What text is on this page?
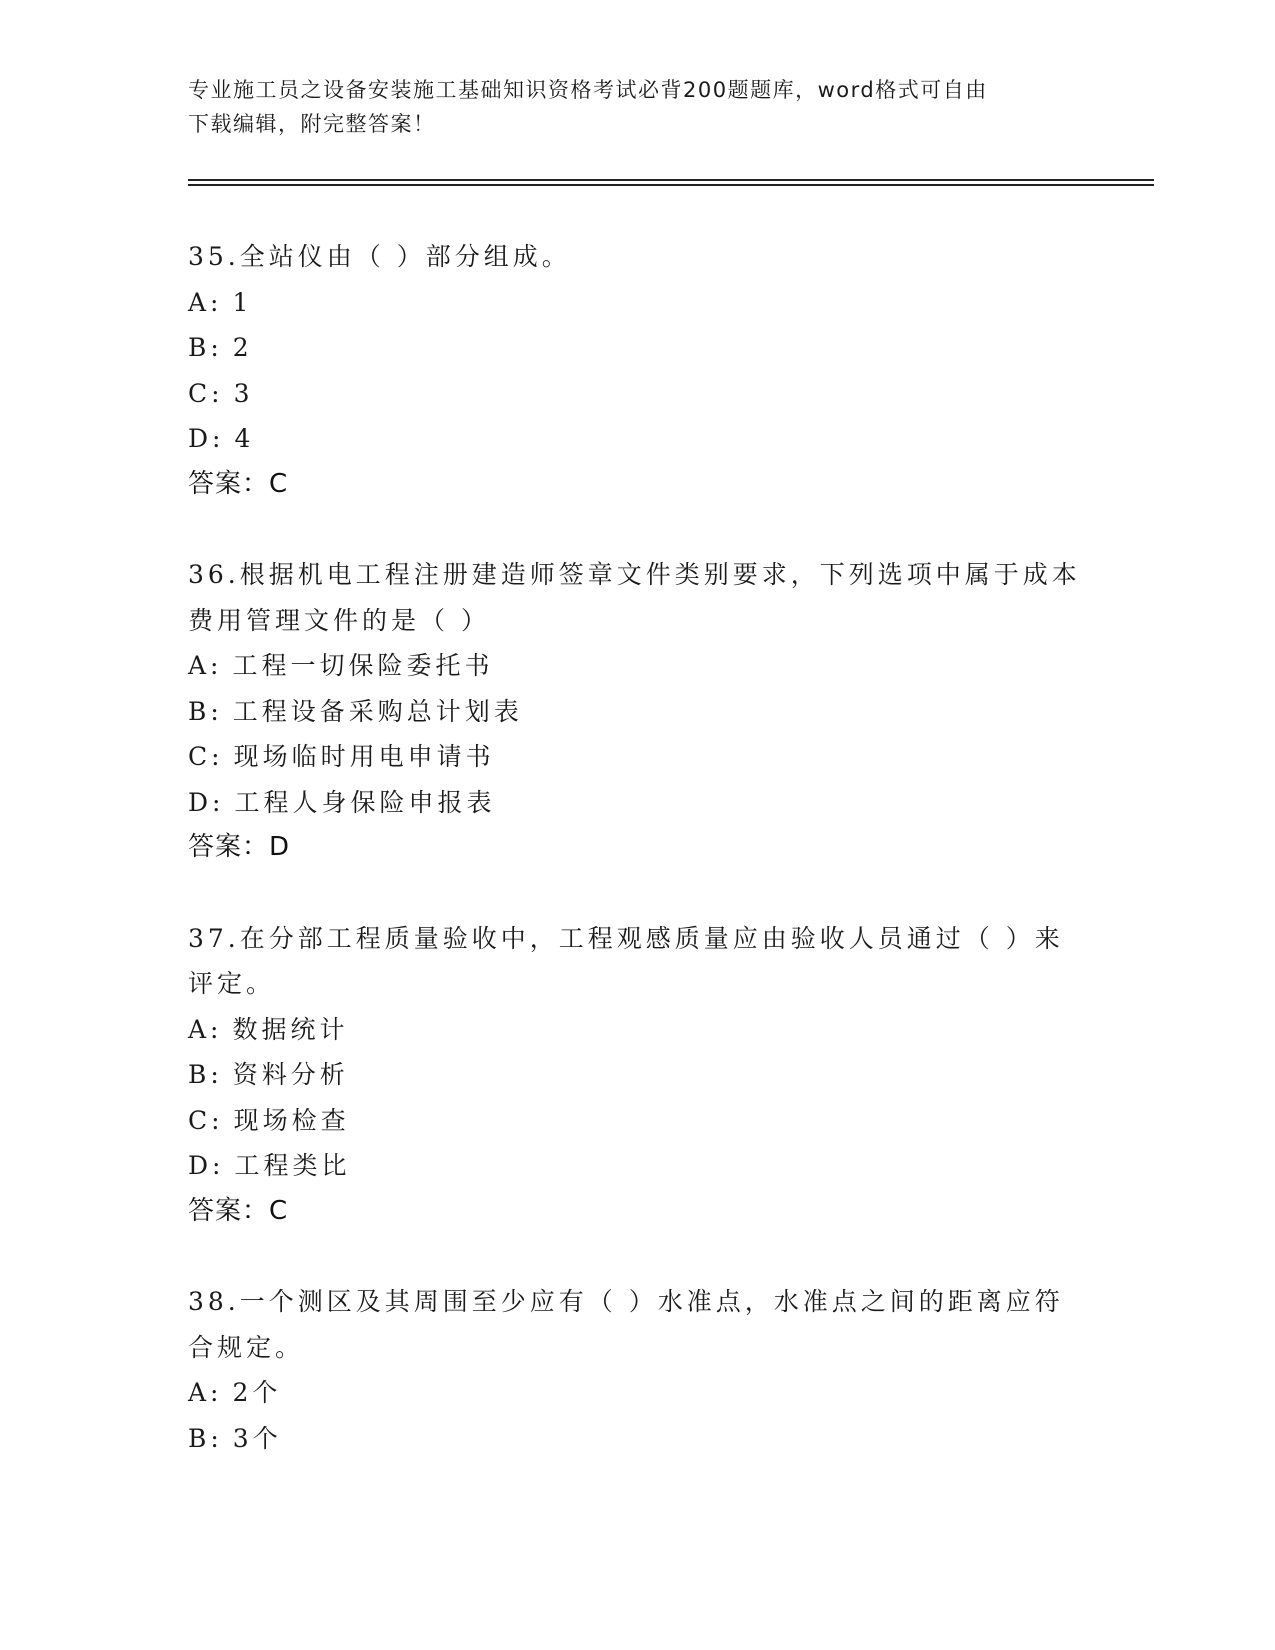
专业施工员之设备安装施工基础知识资格考试必背200题题库，word格式可自由
下载编辑，附完整答案！

35.全站仪由（ ）部分组成。

A: 1

B: 2

C: 3

D: 4

答案：C

36.根据机电工程注册建造师签章文件类别要求，下列选项中属于成本费用管理文件的是（ ）

A: 工程一切保险委托书

B: 工程设备采购总计划表

C: 现场临时用电申请书

D: 工程人身保险申报表

答案：D

37.在分部工程质量验收中，工程观感质量应由验收人员通过（ ）来评定。

A: 数据统计

B: 资料分析

C: 现场检查

D: 工程类比

答案：C

38.一个测区及其周围至少应有（ ）水准点，水准点之间的距离应符合规定。

A: 2个

B: 3个
